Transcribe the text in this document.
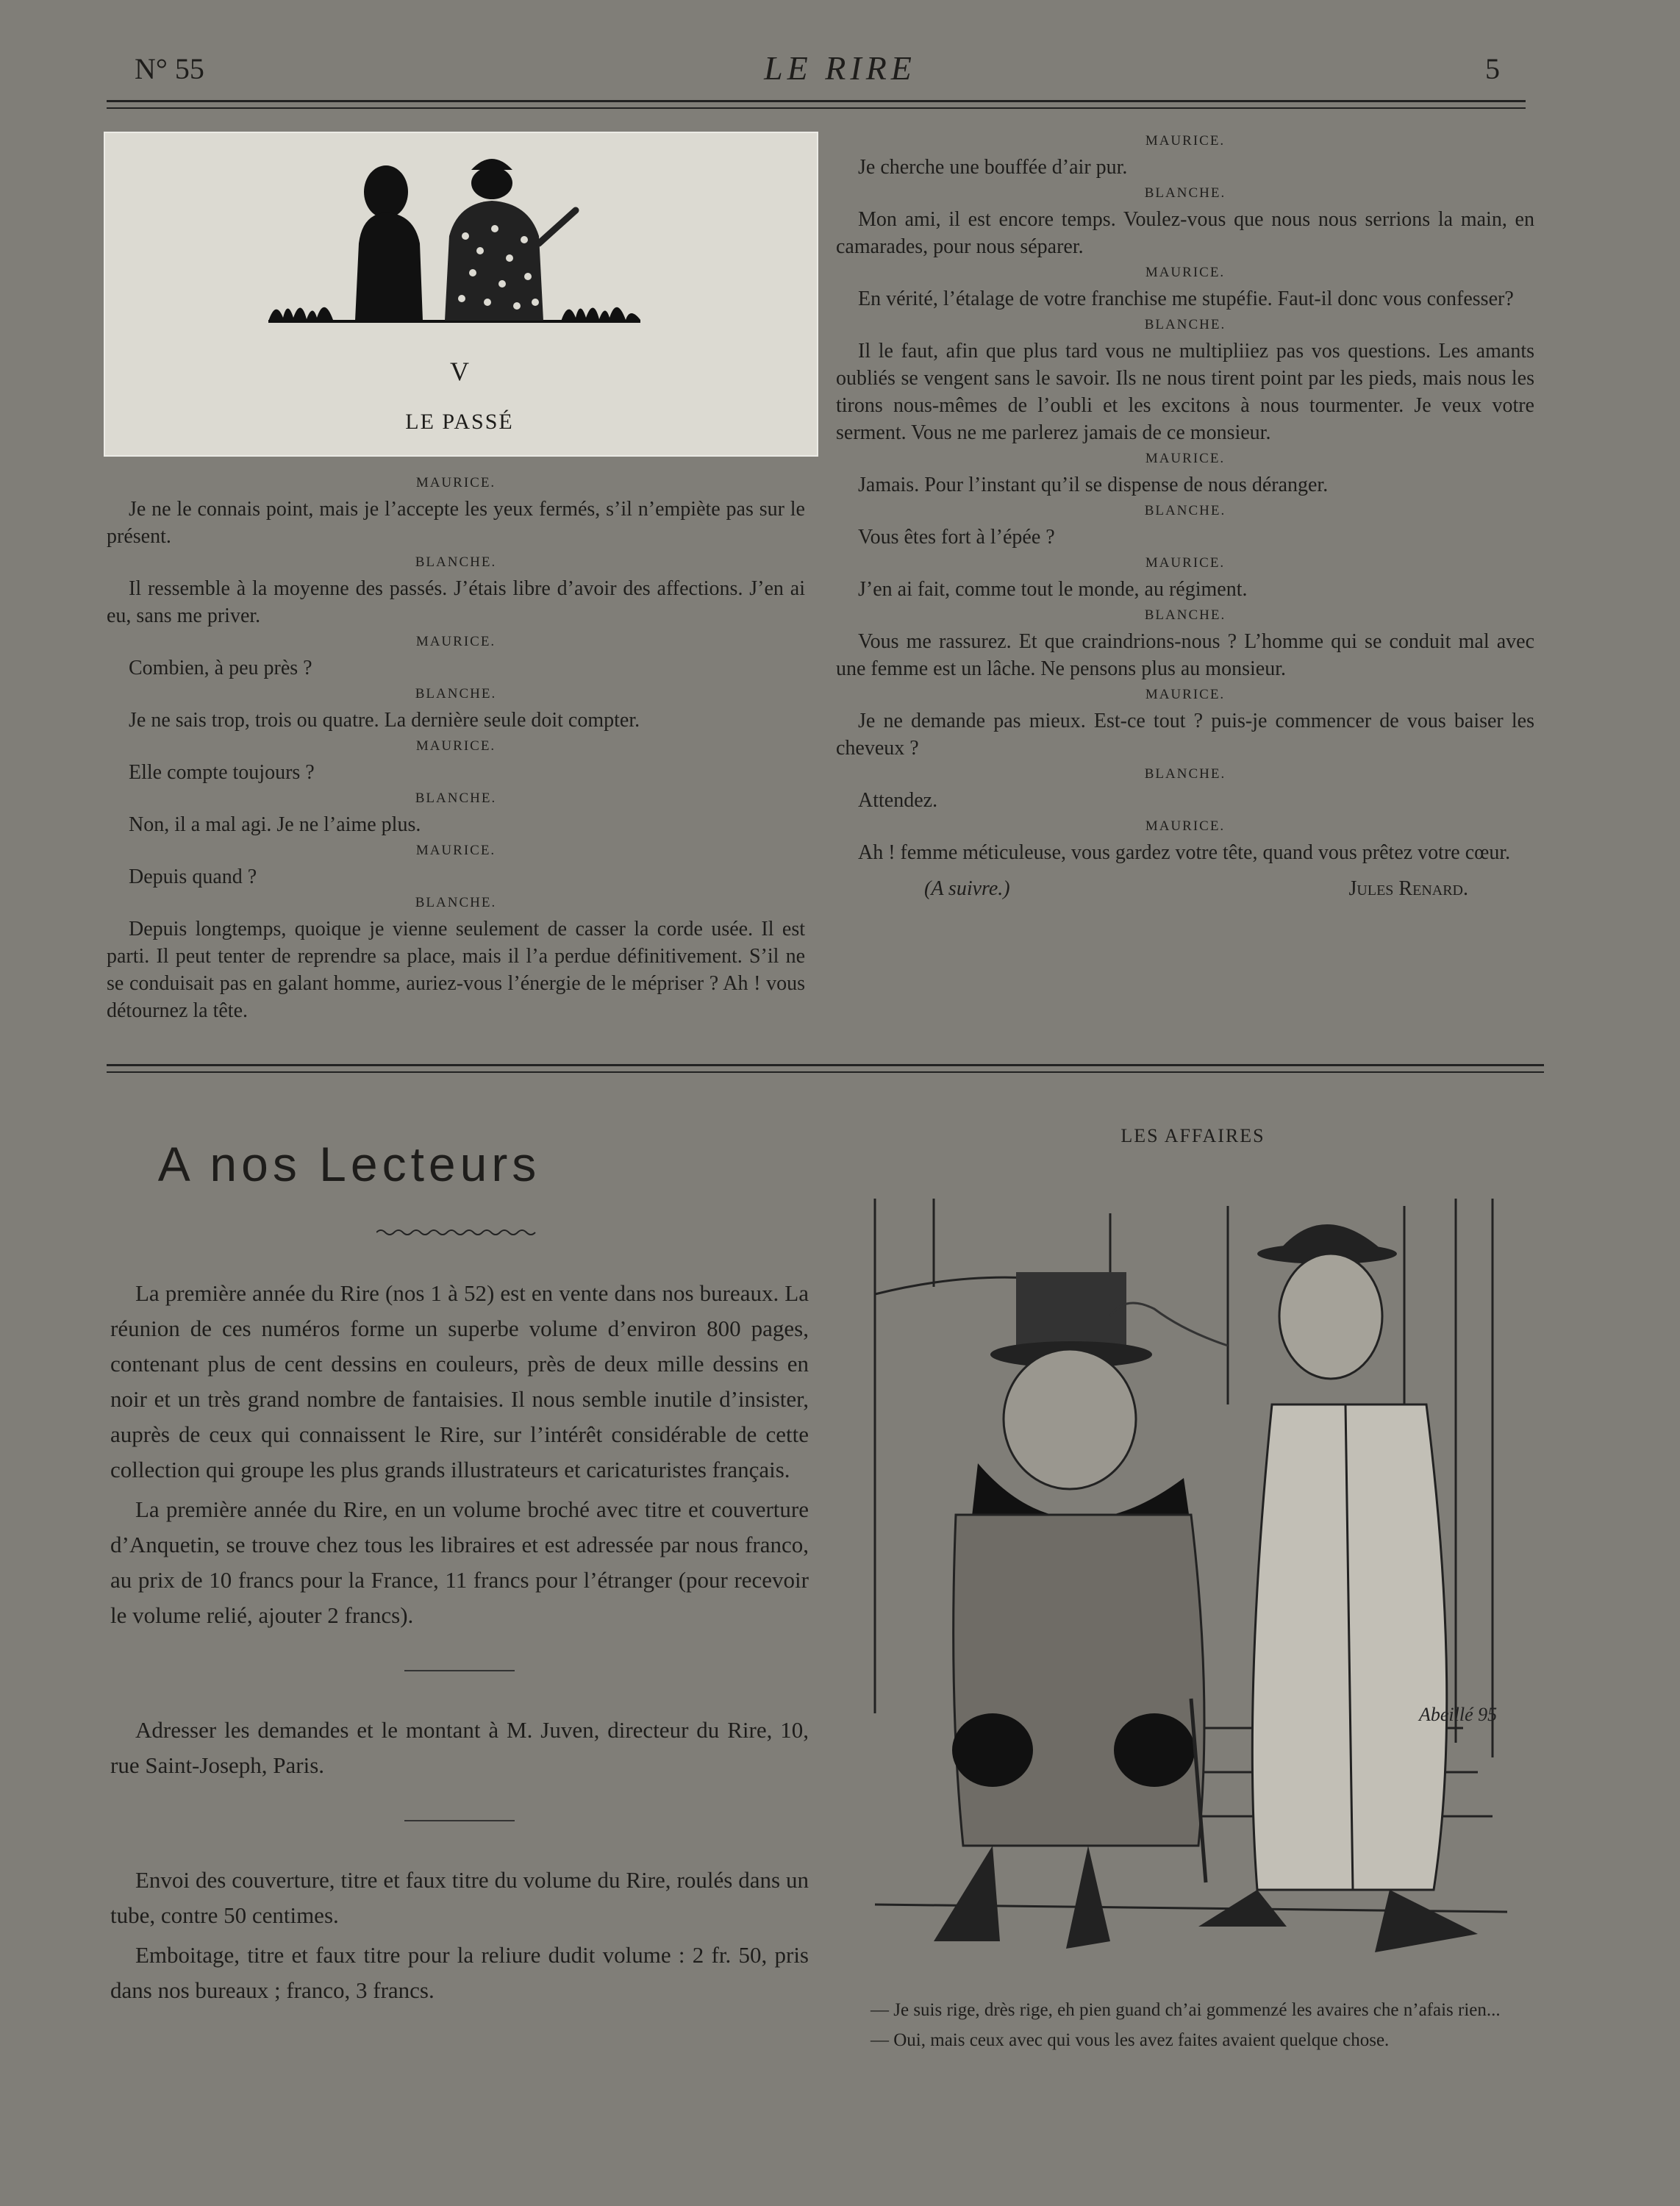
N° 55	LE RIRE	5
V
LE PASSÉ

MAURICE.

Je ne le connais point, mais je l’accepte les yeux fermés, s’il n’empiète pas sur le présent.

BLANCHE.

Il ressemble à la moyenne des passés. J’étais libre d’avoir des affections. J’en ai eu, sans me priver.

MAURICE.

Combien, à peu près ?

BLANCHE.

Je ne sais trop, trois ou quatre. La dernière seule doit compter.

MAURICE.

Elle compte toujours ?

BLANCHE.

Non, il a mal agi. Je ne l’aime plus.

MAURICE.

Depuis quand ?

BLANCHE.

Depuis longtemps, quoique je vienne seulement de casser la corde usée. Il est parti. Il peut tenter de reprendre sa place, mais il l’a perdue définitivement. S’il ne se conduisait pas en galant homme, auriez-vous l’énergie de le mépriser ? Ah ! vous détournez la tête.

MAURICE.

Je cherche une bouffée d’air pur.

BLANCHE.

Mon ami, il est encore temps. Voulez-vous que nous nous serrions la main, en camarades, pour nous séparer.

MAURICE.

En vérité, l’étalage de votre franchise me stupéfie. Faut-il donc vous confesser?

BLANCHE.

Il le faut, afin que plus tard vous ne multipliiez pas vos questions. Les amants oubliés se vengent sans le savoir. Ils ne nous tirent point par les pieds, mais nous les tirons nous-mêmes de l’oubli et les excitons à nous tourmenter. Je veux votre serment. Vous ne me parlerez jamais de ce monsieur.

MAURICE.

Jamais. Pour l’instant qu’il se dispense de nous déranger.

BLANCHE.

Vous êtes fort à l’épée ?

MAURICE.

J’en ai fait, comme tout le monde, au régiment.

BLANCHE.

Vous me rassurez. Et que craindrions-nous ? L’homme qui se conduit mal avec une femme est un lâche. Ne pensons plus au monsieur.

MAURICE.

Je ne demande pas mieux. Est-ce tout ? puis-je commencer de vous baiser les cheveux ?

BLANCHE.

Attendez.

MAURICE.

Ah ! femme méticuleuse, vous gardez votre tête, quand vous prêtez votre cœur.

(A suivre.)	Jules Renard.
A nos Lecteurs

La première année du Rire (nos 1 à 52) est en vente dans nos bureaux. La réunion de ces numéros forme un superbe volume d’environ 800 pages, contenant plus de cent dessins en couleurs, près de deux mille dessins en noir et un très grand nombre de fantaisies. Il nous semble inutile d’insister, auprès de ceux qui connaissent le Rire, sur l’intérêt considérable de cette collection qui groupe les plus grands illustrateurs et caricaturistes français.

La première année du Rire, en un volume broché avec titre et couverture d’Anquetin, se trouve chez tous les libraires et est adressée par nous franco, au prix de 10 francs pour la France, 11 francs pour l’étranger (pour recevoir le volume relié, ajouter 2 francs).

Adresser les demandes et le montant à M. Juven, directeur du Rire, 10, rue Saint-Joseph, Paris.

Envoi des couverture, titre et faux titre du volume du Rire, roulés dans un tube, contre 50 centimes.

Emboitage, titre et faux titre pour la reliure dudit volume : 2 fr. 50, pris dans nos bureaux ; franco, 3 francs.

LES AFFAIRES
Abeillé 95

— Je suis rige, drès rige, eh pien guand ch’ai gommenzé les avaires che n’afais rien...

— Oui, mais ceux avec qui vous les avez faites avaient quelque chose.
